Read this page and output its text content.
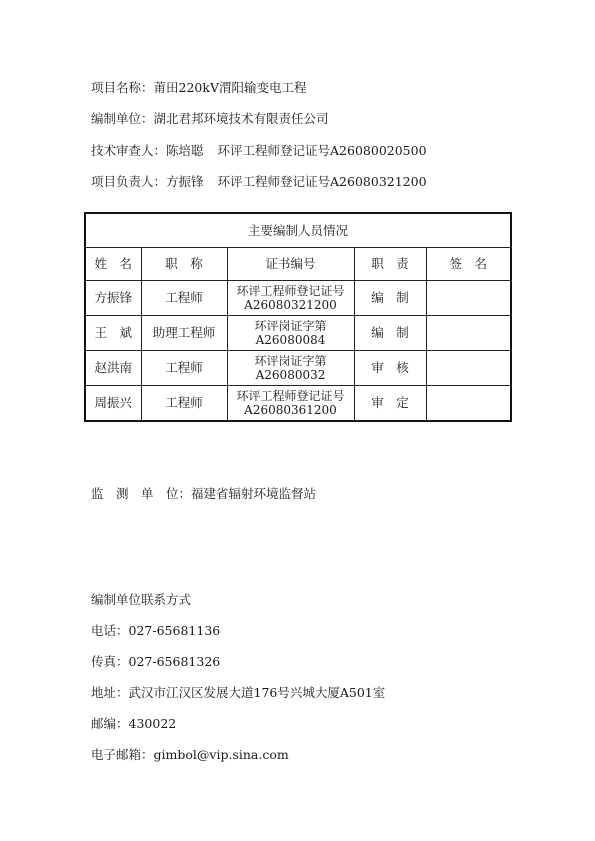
项目名称：莆田220kV渭阳输变电工程
编制单位：湖北君邦环境技术有限责任公司
技术审查人：陈培聪 环评工程师登记证号A26080020500
项目负责人：方振锋 环评工程师登记证号A26080321200
主要编制人员情况				
姓　名	职　称	证书编号	职　责	签　名
方振锋	工程师	环评工程师登记证号
A26080321200	编　制	
王　斌	助理工程师	环评岗证字第
A26080084	编　制	
赵洪南	工程师	环评岗证字第
A26080032	审　核	
周振兴	工程师	环评工程师登记证号
A26080361200	审　定	
监　测　单　位：福建省辐射环境监督站
编制单位联系方式
电话：027-65681136
传真：027-65681326
地址：武汉市江汉区发展大道176号兴城大厦A501室
邮编：430022
电子邮箱：gimbol@vip.sina.com
